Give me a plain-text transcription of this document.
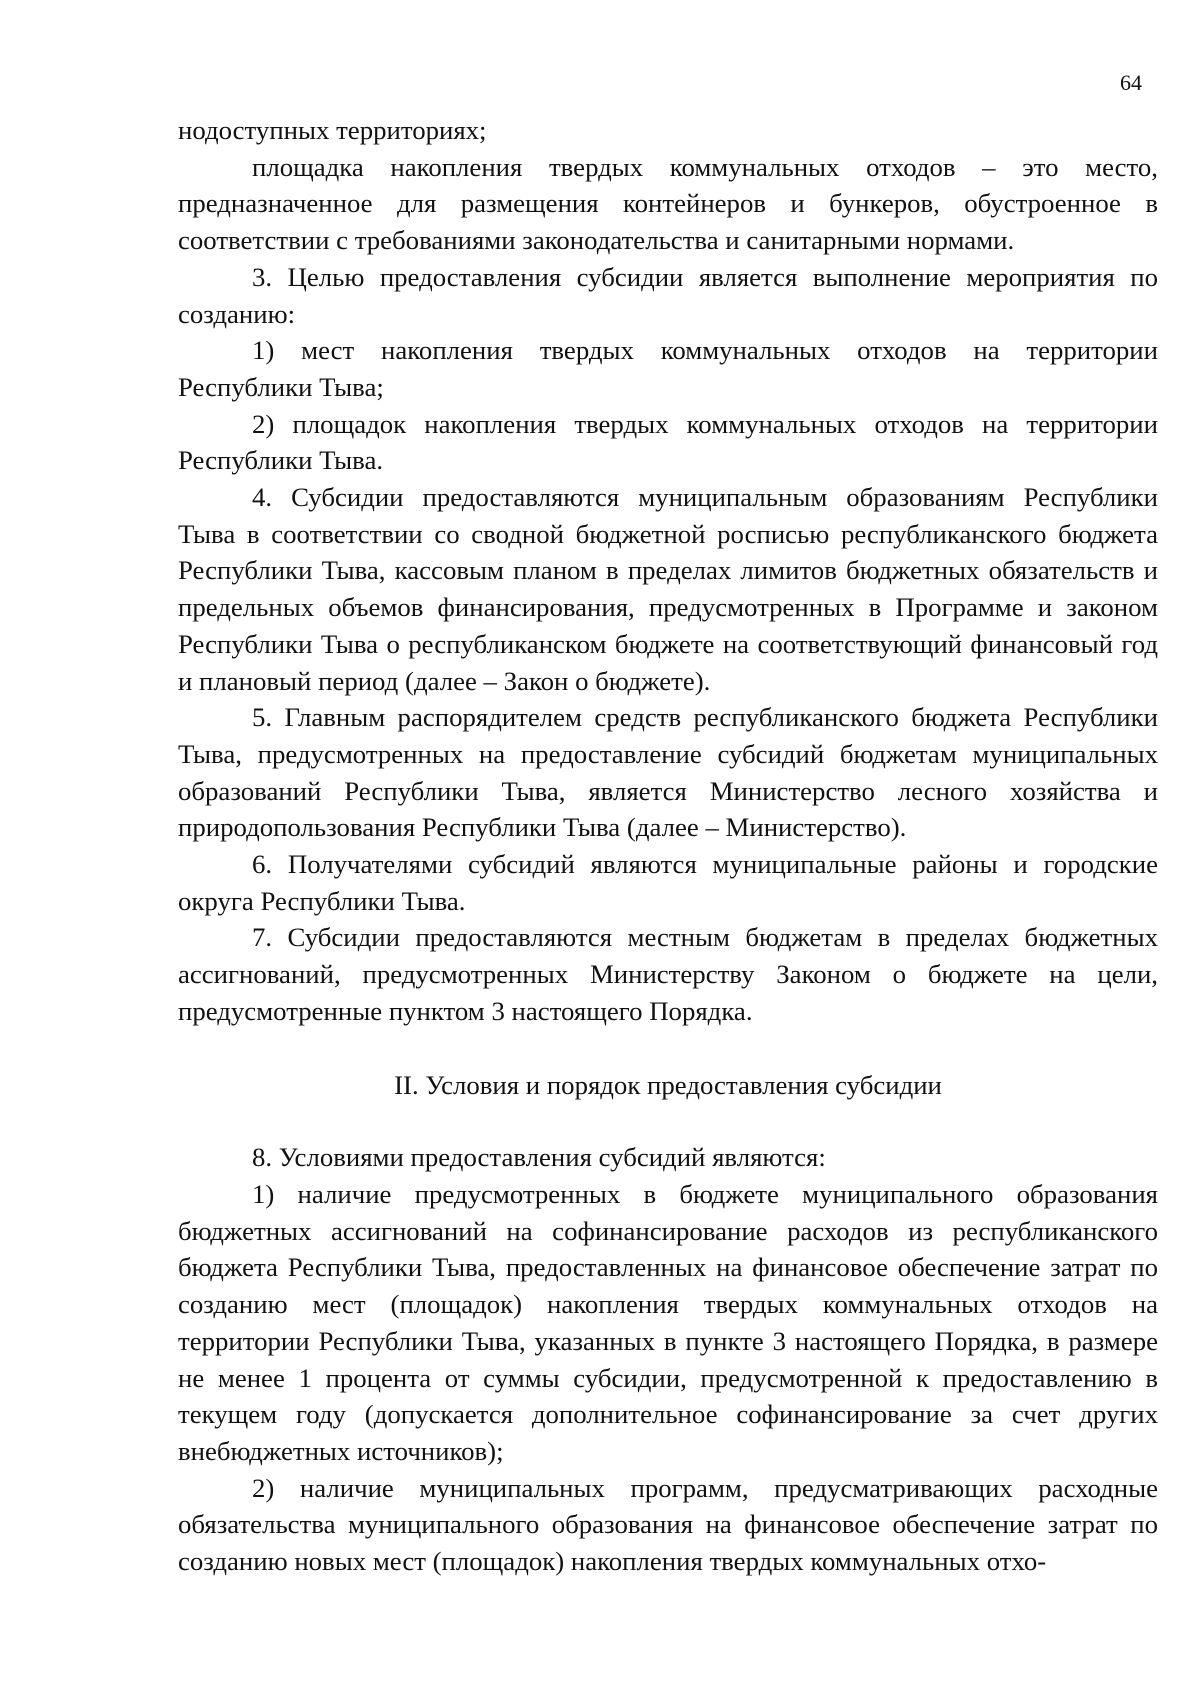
64

нодоступных территориях;

площадка накопления твердых коммунальных отходов – это место, предназначенное для размещения контейнеров и бункеров, обустроенное в соответствии с требованиями законодательства и санитарными нормами.

3. Целью предоставления субсидии является выполнение мероприятия по созданию:

1) мест накопления твердых коммунальных отходов на территории Республики Тыва;

2) площадок накопления твердых коммунальных отходов на территории Республики Тыва.

4. Субсидии предоставляются муниципальным образованиям Республики Тыва в соответствии со сводной бюджетной росписью республиканского бюджета Республики Тыва, кассовым планом в пределах лимитов бюджетных обязательств и предельных объемов финансирования, предусмотренных в Программе и законом Республики Тыва о республиканском бюджете на соответствующий финансовый год и плановый период (далее – Закон о бюджете).

5. Главным распорядителем средств республиканского бюджета Республики Тыва, предусмотренных на предоставление субсидий бюджетам муниципальных образований Республики Тыва, является Министерство лесного хозяйства и природопользования Республики Тыва (далее – Министерство).

6. Получателями субсидий являются муниципальные районы и городские округа Республики Тыва.

7. Субсидии предоставляются местным бюджетам в пределах бюджетных ассигнований, предусмотренных Министерству Законом о бюджете на цели, предусмотренные пунктом 3 настоящего Порядка.

II. Условия и порядок предоставления субсидии

8. Условиями предоставления субсидий являются:

1) наличие предусмотренных в бюджете муниципального образования бюджетных ассигнований на софинансирование расходов из республиканского бюджета Республики Тыва, предоставленных на финансовое обеспечение затрат по созданию мест (площадок) накопления твердых коммунальных отходов на территории Республики Тыва, указанных в пункте 3 настоящего Порядка, в размере не менее 1 процента от суммы субсидии, предусмотренной к предоставлению в текущем году (допускается дополнительное софинансирование за счет других внебюджетных источников);

2) наличие муниципальных программ, предусматривающих расходные обязательства муниципального образования на финансовое обеспечение затрат по созданию новых мест (площадок) накопления твердых коммунальных отхо-
